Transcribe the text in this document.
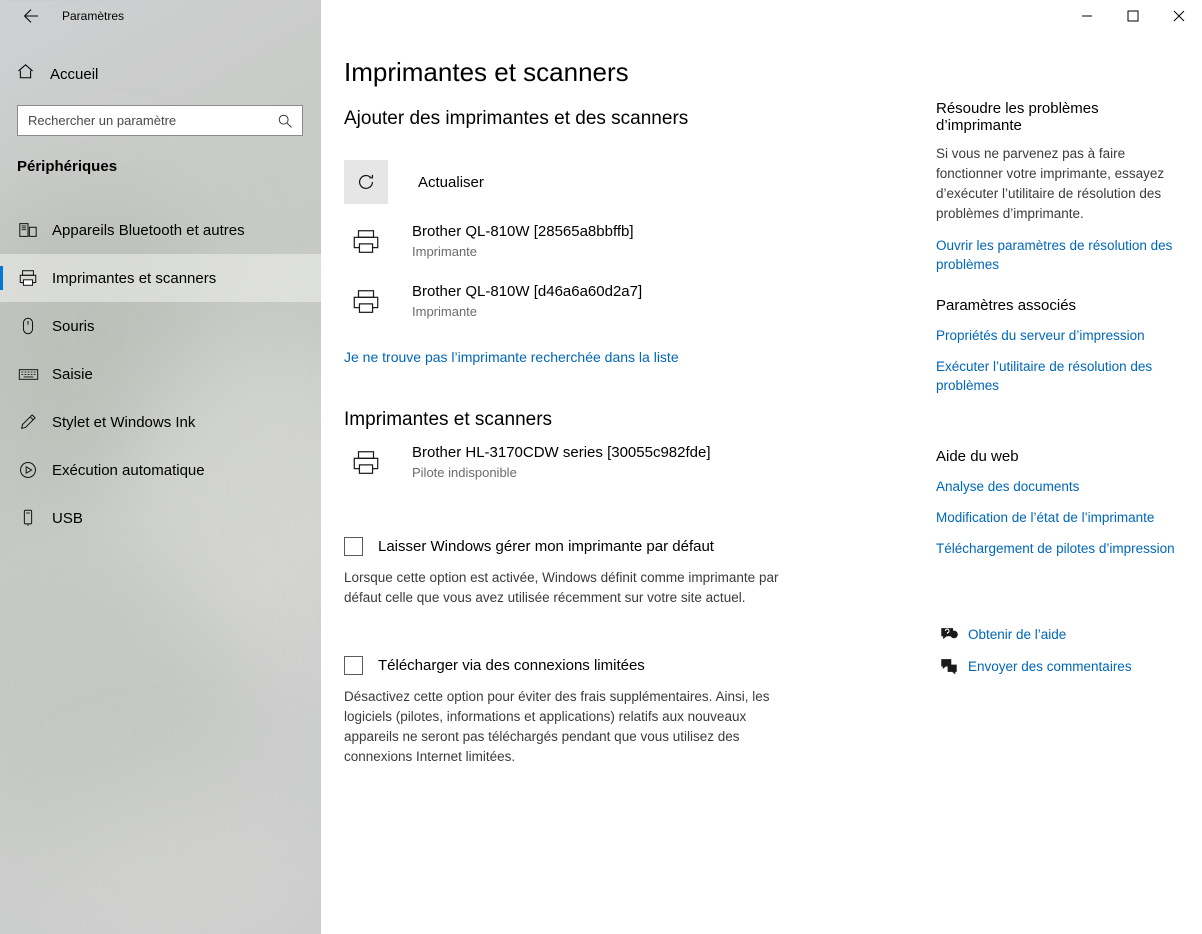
Paramètres
Accueil
Rechercher un paramètre
Périphériques
Appareils Bluetooth et autres
Imprimantes et scanners
Souris
Saisie
Stylet et Windows Ink
Exécution automatique
USB
Imprimantes et scanners
Ajouter des imprimantes et des scanners
Actualiser
Brother QL-810W [28565a8bbffb]
Imprimante
Brother QL-810W [d46a6a60d2a7]
Imprimante
Je ne trouve pas l’imprimante recherchée dans la liste
Imprimantes et scanners
Brother HL-3170CDW series [30055c982fde]
Pilote indisponible
Laisser Windows gérer mon imprimante par défaut
Lorsque cette option est activée, Windows définit comme imprimante par défaut celle que vous avez utilisée récemment sur votre site actuel.
Télécharger via des connexions limitées
Désactivez cette option pour éviter des frais supplémentaires. Ainsi, les logiciels (pilotes, informations et applications) relatifs aux nouveaux appareils ne seront pas téléchargés pendant que vous utilisez des connexions Internet limitées.
Résoudre les problèmes d’imprimante

Si vous ne parvenez pas à faire fonctionner votre imprimante, essayez d’exécuter l’utilitaire de résolution des problèmes d’imprimante.

Ouvrir les paramètres de résolution des problèmes
Paramètres associés
Propriétés du serveur d’impression
Exécuter l’utilitaire de résolution des problèmes
Aide du web
Analyse des documents
Modification de l’état de l’imprimante
Téléchargement de pilotes d’impression
Obtenir de l’aide
Envoyer des commentaires
